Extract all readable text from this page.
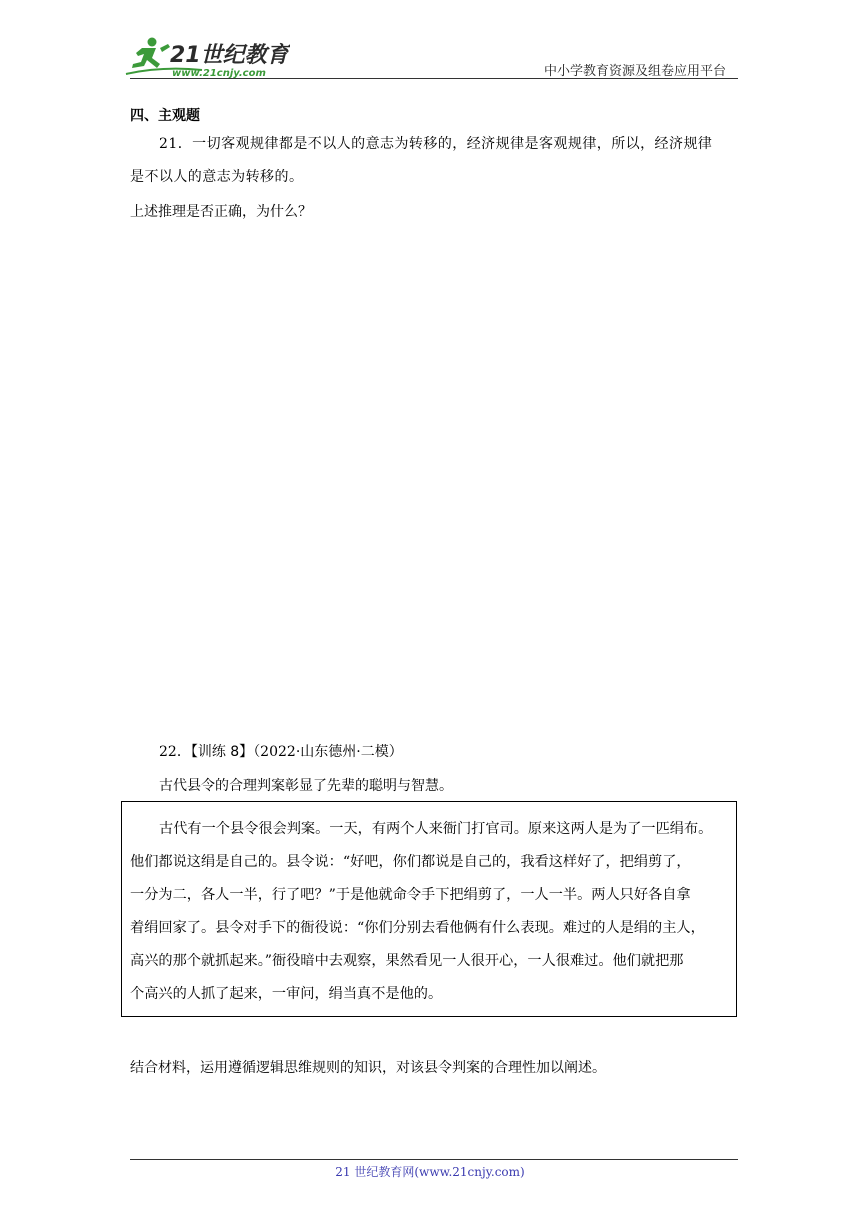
21世纪教育
www.21cnjy.com	中小学教育资源及组卷应用平台
四、主观题
21．一切客观规律都是不以人的意志为转移的，经济规律是客观规律，所以，经济规律
是不以人的意志为转移的。
上述推理是否正确，为什么？
22．【训练 8】（2022·山东德州·二模）
古代县令的合理判案彰显了先辈的聪明与智慧。
古代有一个县令很会判案。一天，有两个人来衙门打官司。原来这两人是为了一匹绢布。
他们都说这绢是自己的。县令说：“好吧，你们都说是自己的，我看这样好了，把绢剪了，
一分为二，各人一半，行了吧？”于是他就命令手下把绢剪了，一人一半。两人只好各自拿
着绢回家了。县令对手下的衙役说：“你们分别去看他俩有什么表现。难过的人是绢的主人，
高兴的那个就抓起来。”衙役暗中去观察，果然看见一人很开心，一人很难过。他们就把那
个高兴的人抓了起来，一审问，绢当真不是他的。
结合材料，运用遵循逻辑思维规则的知识，对该县令判案的合理性加以阐述。
21 世纪教育网(www.21cnjy.com)
